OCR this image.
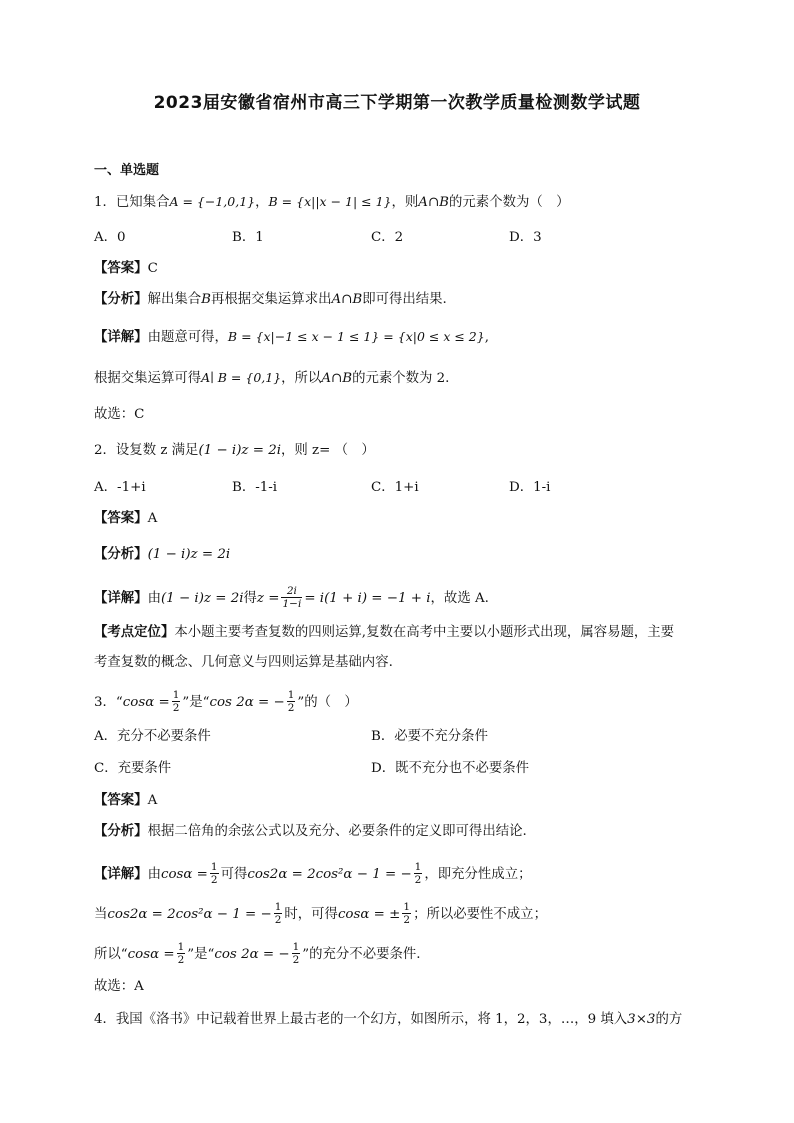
2023届安徽省宿州市高三下学期第一次教学质量检测数学试题
一、单选题
1．已知集合A = {−1,0,1}，B = {x||x − 1| ≤ 1}，则A∩B的元素个数为（　）
A．0	B．1	C．2	D．3
【答案】C
【分析】解出集合B再根据交集运算求出A∩B即可得出结果.
【详解】由题意可得，B = {x|−1 ≤ x − 1 ≤ 1} = {x|0 ≤ x ≤ 2},
根据交集运算可得A∣ B = {0,1}，所以A∩B的元素个数为 2.
故选：C
2．设复数 z 满足(1 − i)z = 2i，则 z= （　）
A．-1+i	B．-1-i	C．1+i	D．1-i
【答案】A
【分析】(1 − i)z = 2i
【详解】由(1 − i)z = 2i得$z = \frac{2i}{1-i} = i(1 + i) = -1 + i$，故选 A.
【考点定位】本小题主要考查复数的四则运算,复数在高考中主要以小题形式出现，属容易题，主要
考查复数的概念、几何意义与四则运算是基础内容.
3．“$\cos\alpha = \frac{1}{2}$ ”是“cos 2α = − $\frac{1}{2}$ ”的（　）
A．充分不必要条件	B．必要不充分条件
C．充要条件	D．既不充分也不必要条件
【答案】A
【分析】根据二倍角的余弦公式以及充分、必要条件的定义即可得出结论.
【详解】由$\cos\alpha = \frac{1}{2}$ 可得cos2α = 2cos²α − 1 = − $\frac{1}{2}$ ，即充分性成立；
当cos2α = 2cos²α − 1 = − $\frac{1}{2}$ 时，可得cosα = ± $\frac{1}{2}$ ；所以必要性不成立；
所以“$\cos\alpha = \frac{1}{2}$ ”是“cos 2α = − $\frac{1}{2}$ ”的充分不必要条件.
故选：A
4．我国《洛书》中记载着世界上最古老的一个幻方，如图所示，将 1，2，3，…，9 填入3×3的方
